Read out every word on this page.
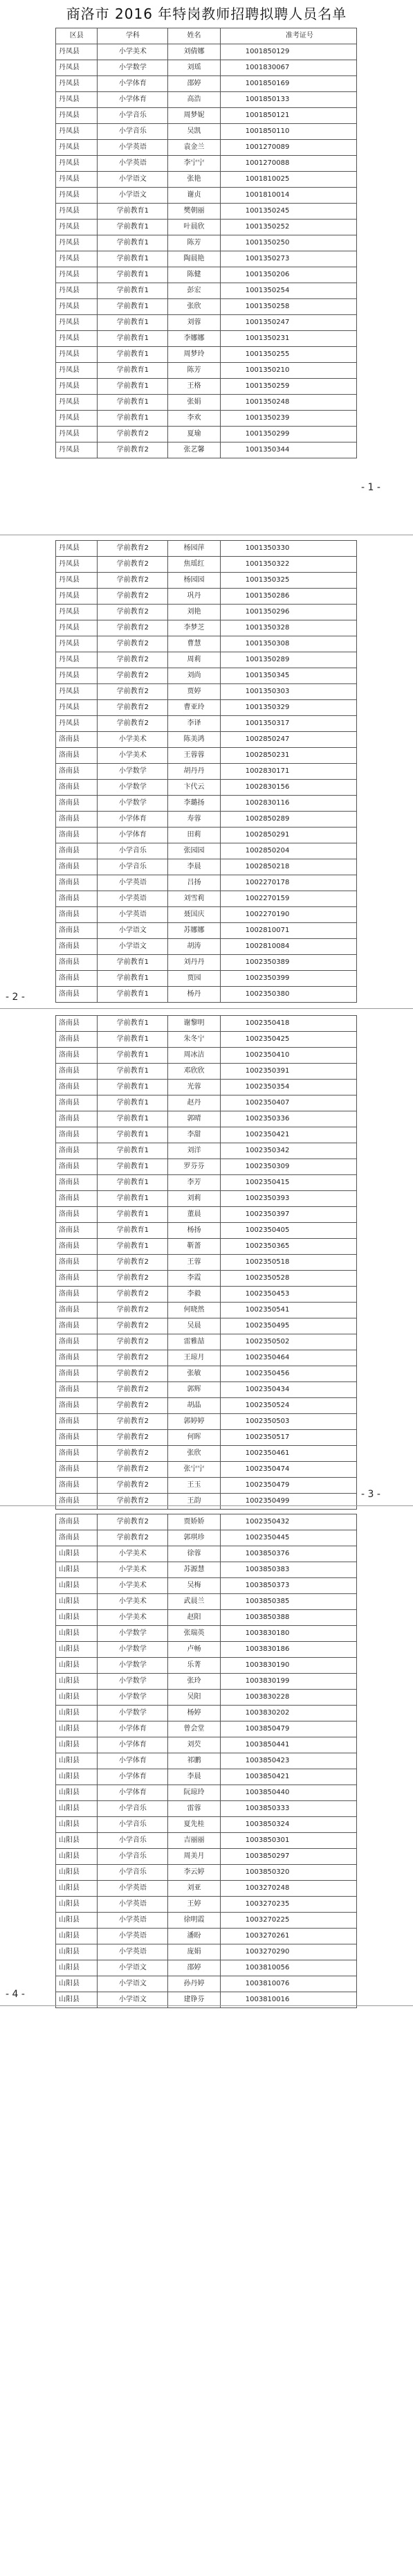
商洛市 2016 年特岗教师招聘拟聘人员名单
区县	学科	姓名	准考证号
丹凤县	小学美术	刘倩娜	1001850129
丹凤县	小学数学	刘瑶	1001830067
丹凤县	小学体育	邵婷	1001850169
丹凤县	小学体育	高浩	1001850133
丹凤县	小学音乐	周梦妮	1001850121
丹凤县	小学音乐	吴凯	1001850110
丹凤县	小学英语	袁金兰	1001270089
丹凤县	小学英语	李宁宁	1001270088
丹凤县	小学语文	张艳	1001810025
丹凤县	小学语文	谢贞	1001810014
丹凤县	学前教育1	樊朝丽	1001350245
丹凤县	学前教育1	叶晨欣	1001350252
丹凤县	学前教育1	陈芳	1001350250
丹凤县	学前教育1	陶晨艳	1001350273
丹凤县	学前教育1	陈健	1001350206
丹凤县	学前教育1	彭宏	1001350254
丹凤县	学前教育1	张欣	1001350258
丹凤县	学前教育1	刘蓉	1001350247
丹凤县	学前教育1	李娜娜	1001350231
丹凤县	学前教育1	周梦玲	1001350255
丹凤县	学前教育1	陈芳	1001350210
丹凤县	学前教育1	王格	1001350259
丹凤县	学前教育1	张娟	1001350248
丹凤县	学前教育1	李欢	1001350239
丹凤县	学前教育2	夏瑜	1001350299
丹凤县	学前教育2	张艺馨	1001350344
- 1 -
丹凤县	学前教育2	杨园萍	1001350330
丹凤县	学前教育2	焦瑶红	1001350322
丹凤县	学前教育2	杨园园	1001350325
丹凤县	学前教育2	巩丹	1001350286
丹凤县	学前教育2	刘艳	1001350296
丹凤县	学前教育2	李梦芝	1001350328
丹凤县	学前教育2	曹慧	1001350308
丹凤县	学前教育2	周莉	1001350289
丹凤县	学前教育2	刘尚	1001350345
丹凤县	学前教育2	贾婷	1001350303
丹凤县	学前教育2	曹亚玲	1001350329
丹凤县	学前教育2	李译	1001350317
洛南县	小学美术	陈美鸿	1002850247
洛南县	小学美术	王蓉蓉	1002850231
洛南县	小学数学	胡丹丹	1002830171
洛南县	小学数学	卞代云	1002830156
洛南县	小学数学	李璐扬	1002830116
洛南县	小学体育	寿蓉	1002850289
洛南县	小学体育	田莉	1002850291
洛南县	小学音乐	张园园	1002850204
洛南县	小学音乐	李晨	1002850218
洛南县	小学英语	吕扬	1002270178
洛南县	小学英语	刘雪莉	1002270159
洛南县	小学英语	聂国庆	1002270190
洛南县	小学语文	苏娜娜	1002810071
洛南县	小学语文	胡涛	1002810084
洛南县	学前教育1	刘丹丹	1002350389
洛南县	学前教育1	贾园	1002350399
洛南县	学前教育1	杨丹	1002350380
- 2 -
洛南县	学前教育1	谢黎明	1002350418
洛南县	学前教育1	朱冬宁	1002350425
洛南县	学前教育1	周冰洁	1002350410
洛南县	学前教育1	邓欣欣	1002350391
洛南县	学前教育1	光蓉	1002350354
洛南县	学前教育1	赵丹	1002350407
洛南县	学前教育1	郭晴	1002350336
洛南县	学前教育1	李甜	1002350421
洛南县	学前教育1	刘洋	1002350342
洛南县	学前教育1	罗芬芬	1002350309
洛南县	学前教育1	李芳	1002350415
洛南县	学前教育1	刘莉	1002350393
洛南县	学前教育1	董晨	1002350397
洛南县	学前教育1	杨扬	1002350405
洛南县	学前教育1	靳蔷	1002350365
洛南县	学前教育2	王蓉	1002350518
洛南县	学前教育2	李霞	1002350528
洛南县	学前教育2	李毅	1002350453
洛南县	学前教育2	何晓然	1002350541
洛南县	学前教育2	吴晨	1002350495
洛南县	学前教育2	雷雅喆	1002350502
洛南县	学前教育2	王琼月	1002350464
洛南县	学前教育2	张敏	1002350456
洛南县	学前教育2	郭辉	1002350434
洛南县	学前教育2	胡晶	1002350524
洛南县	学前教育2	郭婷婷	1002350503
洛南县	学前教育2	何晖	1002350517
洛南县	学前教育2	张欣	1002350461
洛南县	学前教育2	张宁宁	1002350474
洛南县	学前教育2	王玉	1002350479
洛南县	学前教育2	王韵	1002350499
- 3 -
洛南县	学前教育2	贾娇娇	1002350432
洛南县	学前教育2	郭琪珍	1002350445
山阳县	小学美术	徐蓉	1003850376
山阳县	小学美术	苏源慧	1003850383
山阳县	小学美术	吴梅	1003850373
山阳县	小学美术	武晨兰	1003850385
山阳县	小学美术	赵阳	1003850388
山阳县	小学数学	张瑞英	1003830180
山阳县	小学数学	卢畅	1003830186
山阳县	小学数学	乐菁	1003830190
山阳县	小学数学	张玲	1003830199
山阳县	小学数学	吴阳	1003830228
山阳县	小学数学	杨婷	1003830202
山阳县	小学体育	曾会堂	1003850479
山阳县	小学体育	刘芡	1003850441
山阳县	小学体育	祁鹏	1003850423
山阳县	小学体育	李晨	1003850421
山阳县	小学体育	阮琼玲	1003850440
山阳县	小学音乐	雷蓉	1003850333
山阳县	小学音乐	夏先桂	1003850324
山阳县	小学音乐	吉丽丽	1003850301
山阳县	小学音乐	周美月	1003850297
山阳县	小学音乐	李云婷	1003850320
山阳县	小学英语	刘亚	1003270248
山阳县	小学英语	王婷	1003270235
山阳县	小学英语	徐明霞	1003270225
山阳县	小学英语	潘盼	1003270261
山阳县	小学英语	庞娟	1003270290
山阳县	小学语文	邵婷	1003810056
山阳县	小学语文	孙丹婷	1003810076
山阳县	小学语文	建铮芬	1003810016
- 4 -
